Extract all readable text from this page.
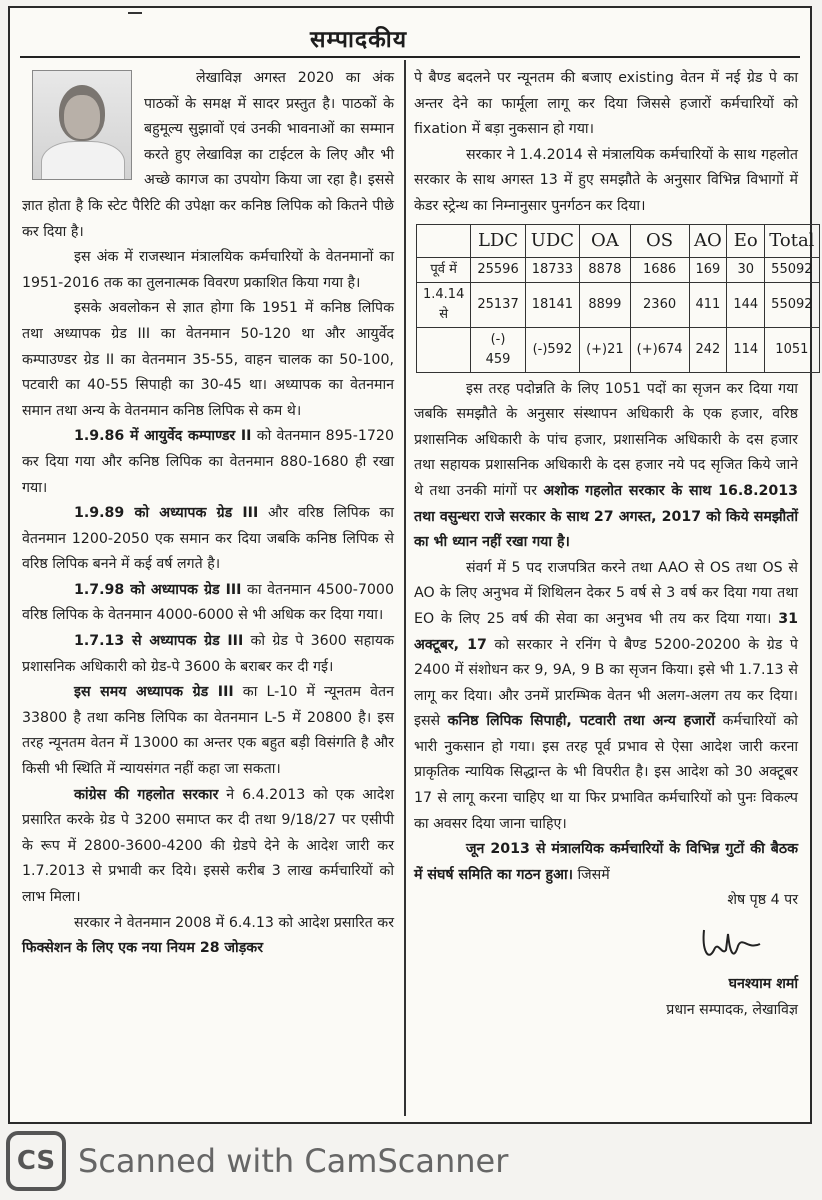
सम्पादकीय

लेखाविज्ञ अगस्त 2020 का अंक पाठकों के समक्ष में सादर प्रस्तुत है। पाठकों के बहुमूल्य सुझावों एवं उनकी भावनाओं का सम्मान करते हुए लेखाविज्ञ का टाईटल के लिए और भी अच्छे कागज का उपयोग किया जा रहा है। इससे ज्ञात होता है कि स्टेट पैरिटि की उपेक्षा कर कनिष्ठ लिपिक को कितने पीछे कर दिया है।

इस अंक में राजस्थान मंत्रालयिक कर्मचारियों के वेतनमानों का 1951-2016 तक का तुलनात्मक विवरण प्रकाशित किया गया है।

इसके अवलोकन से ज्ञात होगा कि 1951 में कनिष्ठ लिपिक तथा अध्यापक ग्रेड III का वेतनमान 50-120 था और आयुर्वेद कम्पाउण्डर ग्रेड II का वेतनमान 35-55, वाहन चालक का 50-100, पटवारी का 40-55 सिपाही का 30-45 था। अध्यापक का वेतनमान समान तथा अन्य के वेतनमान कनिष्ठ लिपिक से कम थे।

1.9.86 में आयुर्वेद कम्पाण्डर II को वेतनमान 895-1720 कर दिया गया और कनिष्ठ लिपिक का वेतनमान 880-1680 ही रखा गया।

1.9.89 को अध्यापक ग्रेड III और वरिष्ठ लिपिक का वेतनमान 1200-2050 एक समान कर दिया जबकि कनिष्ठ लिपिक से वरिष्ठ लिपिक बनने में कई वर्ष लगते है।

1.7.98 को अध्यापक ग्रेड III का वेतनमान 4500-7000 वरिष्ठ लिपिक के वेतनमान 4000-6000 से भी अधिक कर दिया गया।

1.7.13 से अध्यापक ग्रेड III को ग्रेड पे 3600 सहायक प्रशासनिक अधिकारी को ग्रेड-पे 3600 के बराबर कर दी गई।

इस समय अध्यापक ग्रेड III का L-10 में न्यूनतम वेतन 33800 है तथा कनिष्ठ लिपिक का वेतनमान L-5 में 20800 है। इस तरह न्यूनतम वेतन में 13000 का अन्तर एक बहुत बड़ी विसंगति है और किसी भी स्थिति में न्यायसंगत नहीं कहा जा सकता।

कांग्रेस की गहलोत सरकार ने 6.4.2013 को एक आदेश प्रसारित करके ग्रेड पे 3200 समाप्त कर दी तथा 9/18/27 पर एसीपी के रूप में 2800-3600-4200 की ग्रेडपे देने के आदेश जारी कर 1.7.2013 से प्रभावी कर दिये। इससे करीब 3 लाख कर्मचारियों को लाभ मिला।

सरकार ने वेतनमान 2008 में 6.4.13 को आदेश प्रसारित कर फिक्सेशन के लिए एक नया नियम 28 जोड़कर

पे बैण्ड बदलने पर न्यूनतम की बजाए existing वेतन में नई ग्रेड पे का अन्तर देने का फार्मूला लागू कर दिया जिससे हजारों कर्मचारियों को fixation में बड़ा नुकसान हो गया।

सरकार ने 1.4.2014 से मंत्रालयिक कर्मचारियों के साथ गहलोत सरकार के साथ अगस्त 13 में हुए समझौते के अनुसार विभिन्न विभागों में केडर स्ट्रेन्थ का निम्नानुसार पुनर्गठन कर दिया।

	LDC	UDC	OA	OS	AO	Eo	Total
पूर्व में	25596	18733	8878	1686	169	30	55092
1.4.14 से	25137	18141	8899	2360	411	144	55092
	(-) 459	(-)592	(+)21	(+)674	242	114	1051

इस तरह पदोन्नति के लिए 1051 पदों का सृजन कर दिया गया जबकि समझौते के अनुसार संस्थापन अधिकारी के एक हजार, वरिष्ठ प्रशासनिक अधिकारी के पांच हजार, प्रशासनिक अधिकारी के दस हजार तथा सहायक प्रशासनिक अधिकारी के दस हजार नये पद सृजित किये जाने थे तथा उनकी मांगों पर अशोक गहलोत सरकार के साथ 16.8.2013 तथा वसुन्धरा राजे सरकार के साथ 27 अगस्त, 2017 को किये समझौतों का भी ध्यान नहीं रखा गया है।

संवर्ग में 5 पद राजपत्रित करने तथा AAO से OS तथा OS से AO के लिए अनुभव में शिथिलन देकर 5 वर्ष से 3 वर्ष कर दिया गया तथा EO के लिए 25 वर्ष की सेवा का अनुभव भी तय कर दिया गया। 31 अक्टूबर, 17 को सरकार ने रनिंग पे बैण्ड 5200-20200 के ग्रेड पे 2400 में संशोधन कर 9, 9A, 9 B का सृजन किया। इसे भी 1.7.13 से लागू कर दिया। और उनमें प्रारम्भिक वेतन भी अलग-अलग तय कर दिया। इससे कनिष्ठ लिपिक सिपाही, पटवारी तथा अन्य हजारों कर्मचारियों को भारी नुकसान हो गया। इस तरह पूर्व प्रभाव से ऐसा आदेश जारी करना प्राकृतिक न्यायिक सिद्धान्त के भी विपरीत है। इस आदेश को 30 अक्टूबर 17 से लागू करना चाहिए था या फिर प्रभावित कर्मचारियों को पुनः विकल्प का अवसर दिया जाना चाहिए।

जून 2013 से मंत्रालयिक कर्मचारियों के विभिन्न गुटों की बैठक में संघर्ष समिति का गठन हुआ। जिसमें

शेष पृष्ठ 4 पर

घनश्याम शर्मा
प्रधान सम्पादक, लेखाविज्ञ
CS Scanned with CamScanner
